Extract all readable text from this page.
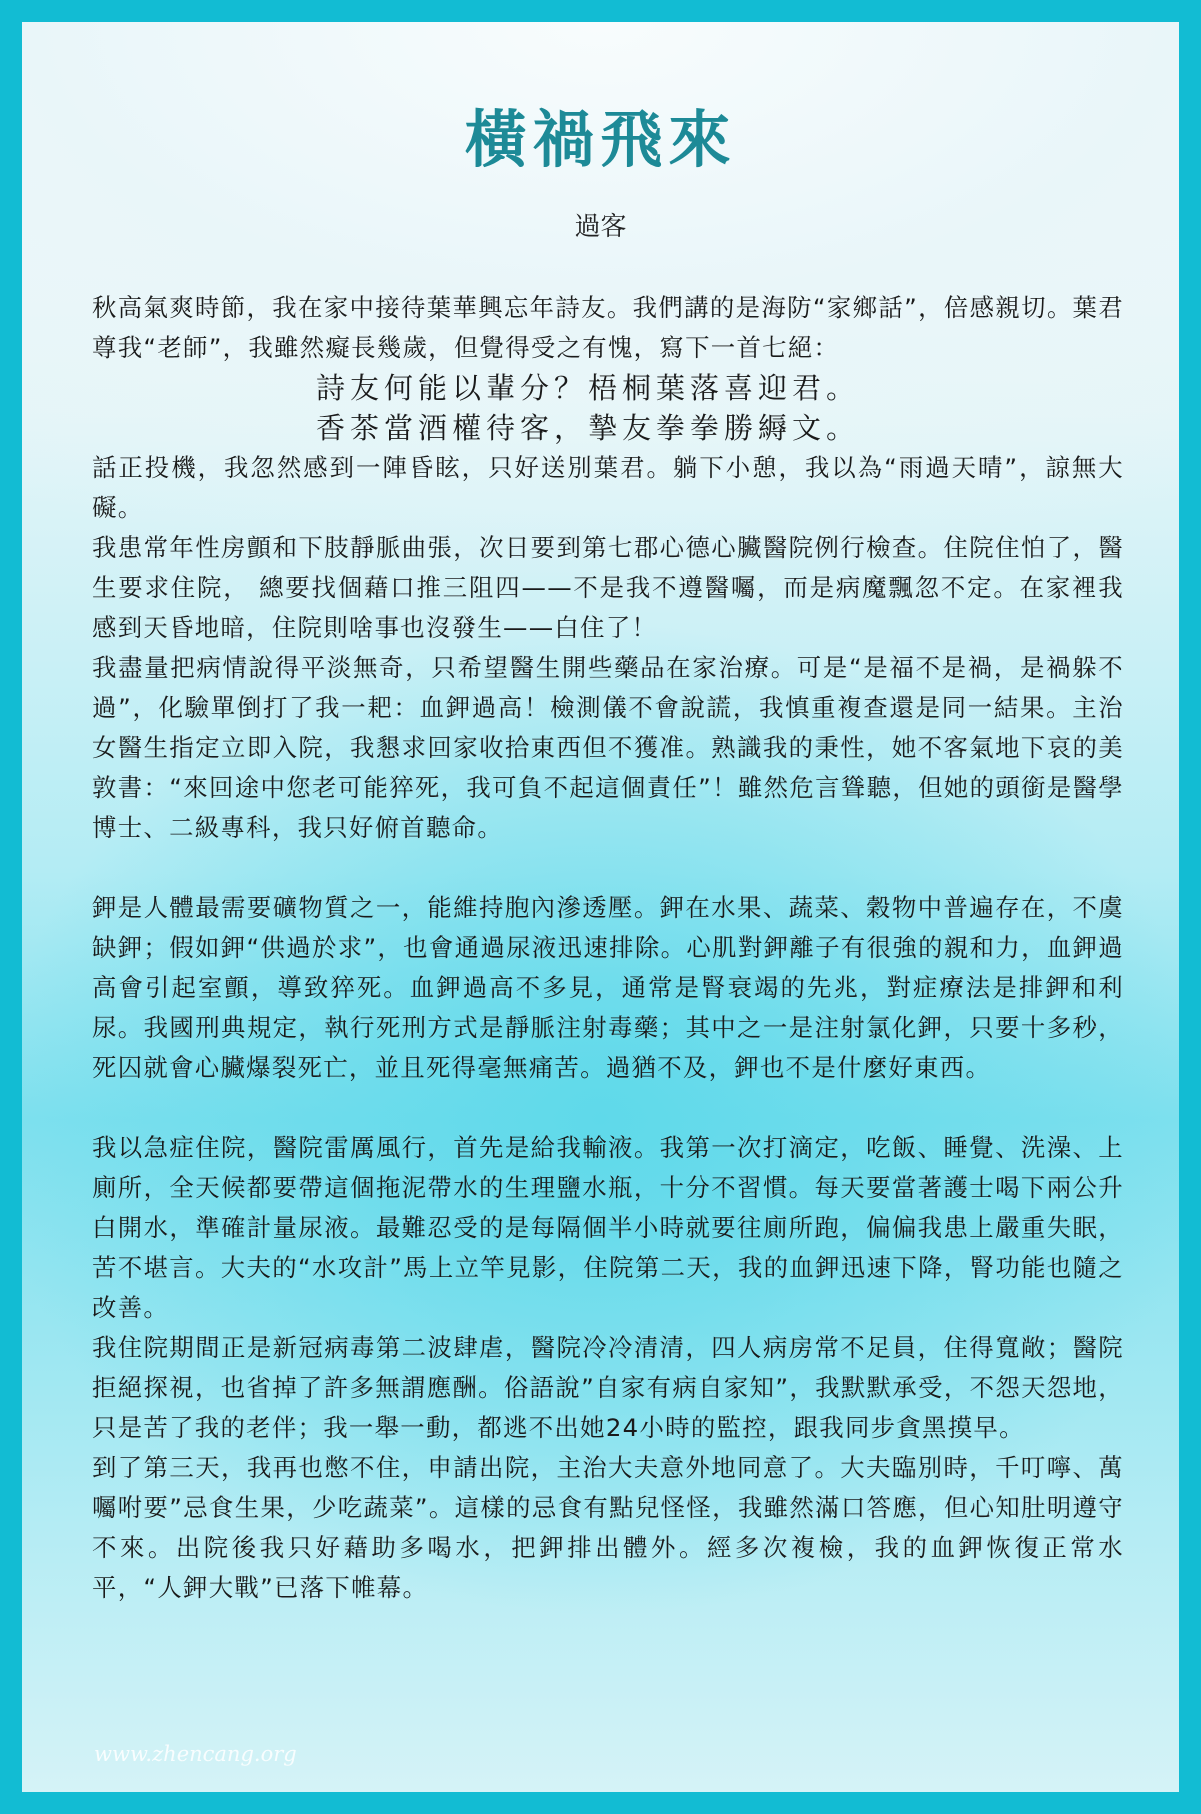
橫禍飛來
過客

秋高氣爽時節，我在家中接待葉華興忘年詩友。我們講的是海防“家鄉話”，倍感親切。葉君尊我“老師”，我雖然癡長幾歲，但覺得受之有愧，寫下一首七絕：

詩友何能以輩分？梧桐葉落喜迎君。

香茶當酒權待客，摯友拳拳勝縟文。

話正投機，我忽然感到一陣昏眩，只好送別葉君。躺下小憩，我以為“雨過天晴”，諒無大礙。

我患常年性房顫和下肢靜脈曲張，次日要到第七郡心德心臟醫院例行檢查。住院住怕了，醫生要求住院， 總要找個藉口推三阻四——不是我不遵醫囑，而是病魔飄忽不定。在家裡我感到天昏地暗，住院則啥事也沒發生——白住了！

我盡量把病情說得平淡無奇，只希望醫生開些藥品在家治療。可是“是福不是禍，是禍躲不過”，化驗單倒打了我一耙：血鉀過高！檢測儀不會說謊，我慎重複查還是同一結果。主治女醫生指定立即入院，我懇求回家收拾東西但不獲准。熟識我的秉性，她不客氣地下哀的美敦書：“來回途中您老可能猝死，我可負不起這個責任”！雖然危言聳聽，但她的頭銜是醫學博士、二級專科，我只好俯首聽命。

鉀是人體最需要礦物質之一，能維持胞內滲透壓。鉀在水果、蔬菜、穀物中普遍存在，不虞缺鉀；假如鉀“供過於求”，也會通過尿液迅速排除。心肌對鉀離子有很強的親和力，血鉀過高會引起室顫，導致猝死。血鉀過高不多見，通常是腎衰竭的先兆，對症療法是排鉀和利尿。我國刑典規定，執行死刑方式是靜脈注射毒藥；其中之一是注射氯化鉀，只要十多秒，死囚就會心臟爆裂死亡，並且死得毫無痛苦。過猶不及，鉀也不是什麼好東西。

我以急症住院，醫院雷厲風行，首先是給我輸液。我第一次打滴定，吃飯、睡覺、洗澡、上廁所，全天候都要帶這個拖泥帶水的生理鹽水瓶，十分不習慣。每天要當著護士喝下兩公升白開水，準確計量尿液。最難忍受的是每隔個半小時就要往廁所跑，偏偏我患上嚴重失眠，苦不堪言。大夫的“水攻計”馬上立竿見影，住院第二天，我的血鉀迅速下降，腎功能也隨之改善。

我住院期間正是新冠病毒第二波肆虐，醫院冷冷清清，四人病房常不足員，住得寬敞；醫院拒絕探視，也省掉了許多無謂應酬。俗語說”自家有病自家知”，我默默承受，不怨天怨地，只是苦了我的老伴；我一舉一動，都逃不出她24小時的監控，跟我同步貪黑摸早。

到了第三天，我再也憋不住，申請出院，主治大夫意外地同意了。大夫臨別時，千叮嚀、萬囑咐要”忌食生果，少吃蔬菜”。這樣的忌食有點兒怪怪，我雖然滿口答應，但心知肚明遵守不來。出院後我只好藉助多喝水，把鉀排出體外。經多次複檢，我的血鉀恢復正常水平，“人鉀大戰”已落下帷幕。

www.zhencang.org
